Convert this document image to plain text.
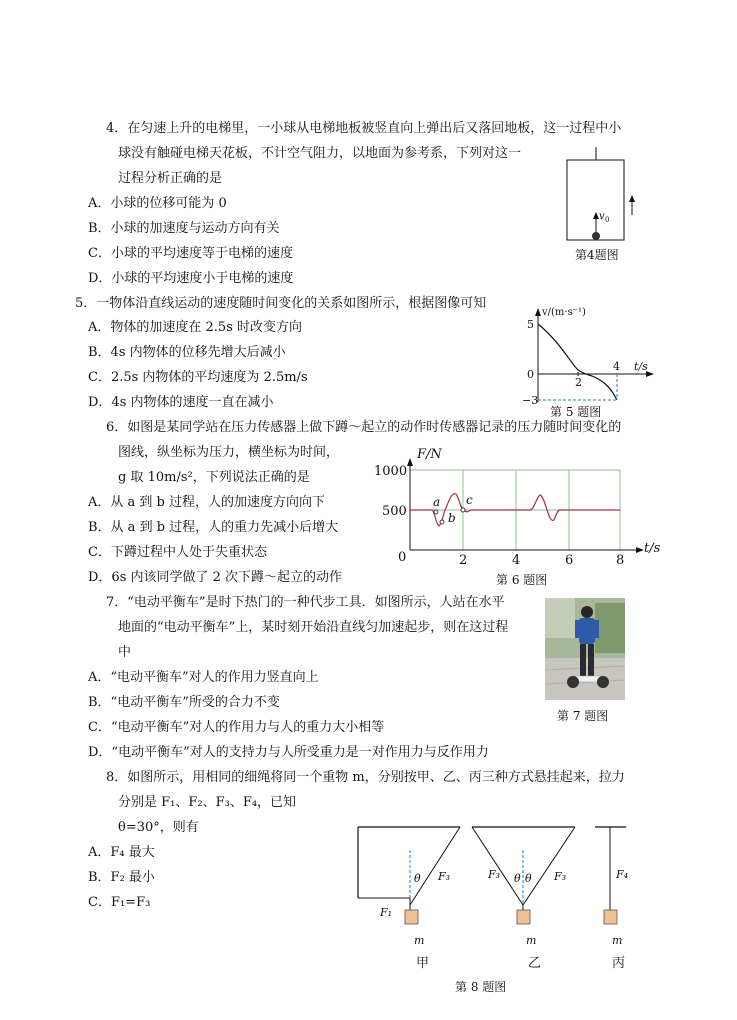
4．在匀速上升的电梯里，一小球从电梯地板被竖直向上弹出后又落回地板，这一过程中小
球没有触碰电梯天花板，不计空气阻力，以地面为参考系，下列对这一
过程分析正确的是
A．小球的位移可能为 0
B．小球的加速度与运动方向有关
C．小球的平均速度等于电梯的速度
D．小球的平均速度小于电梯的速度
v 0
第4题图
5．一物体沿直线运动的速度随时间变化的关系如图所示，根据图像可知
A．物体的加速度在 2.5s 时改变方向
B．4s 内物体的位移先增大后减小
C．2.5s 内物体的平均速度为 2.5m/s
D．4s 内物体的速度一直在减小
v/(m·s⁻¹)
t/s
5
0
−3
2
4
第 5 题图
6．如图是某同学站在压力传感器上做下蹲～起立的动作时传感器记录的压力随时间变化的
图线，纵坐标为压力，横坐标为时间，
g 取 10m/s²，下列说法正确的是
A．从 a 到 b 过程，人的加速度方向向下
B．从 a 到 b 过程，人的重力先减小后增大
C．下蹲过程中人处于失重状态
D．6s 内该同学做了 2 次下蹲～起立的动作
F/N
t/s
1000
500
0	2	4	6	8
a
b
c
第 6 题图
7．“电动平衡车”是时下热门的一种代步工具．如图所示，人站在水平
地面的“电动平衡车”上，某时刻开始沿直线匀加速起步，则在这过程
中
A．“电动平衡车”对人的作用力竖直向上
B．“电动平衡车”所受的合力不变
C．“电动平衡车”对人的作用力与人的重力大小相等
D．“电动平衡车”对人的支持力与人所受重力是一对作用力与反作用力
第 7 题图
8．如图所示，用相同的细绳将同一个重物 m，分别按甲、乙、丙三种方式悬挂起来，拉力
分别是 F₁、F₂、F₃、F₄，已知
θ=30°，则有
A．F₄ 最大
B．F₂ 最小
C．F₁=F₃
θ F₃
F₁
m
甲
θ θ
F₃	F₃
m
乙
F₄
m
丙
第 8 题图
